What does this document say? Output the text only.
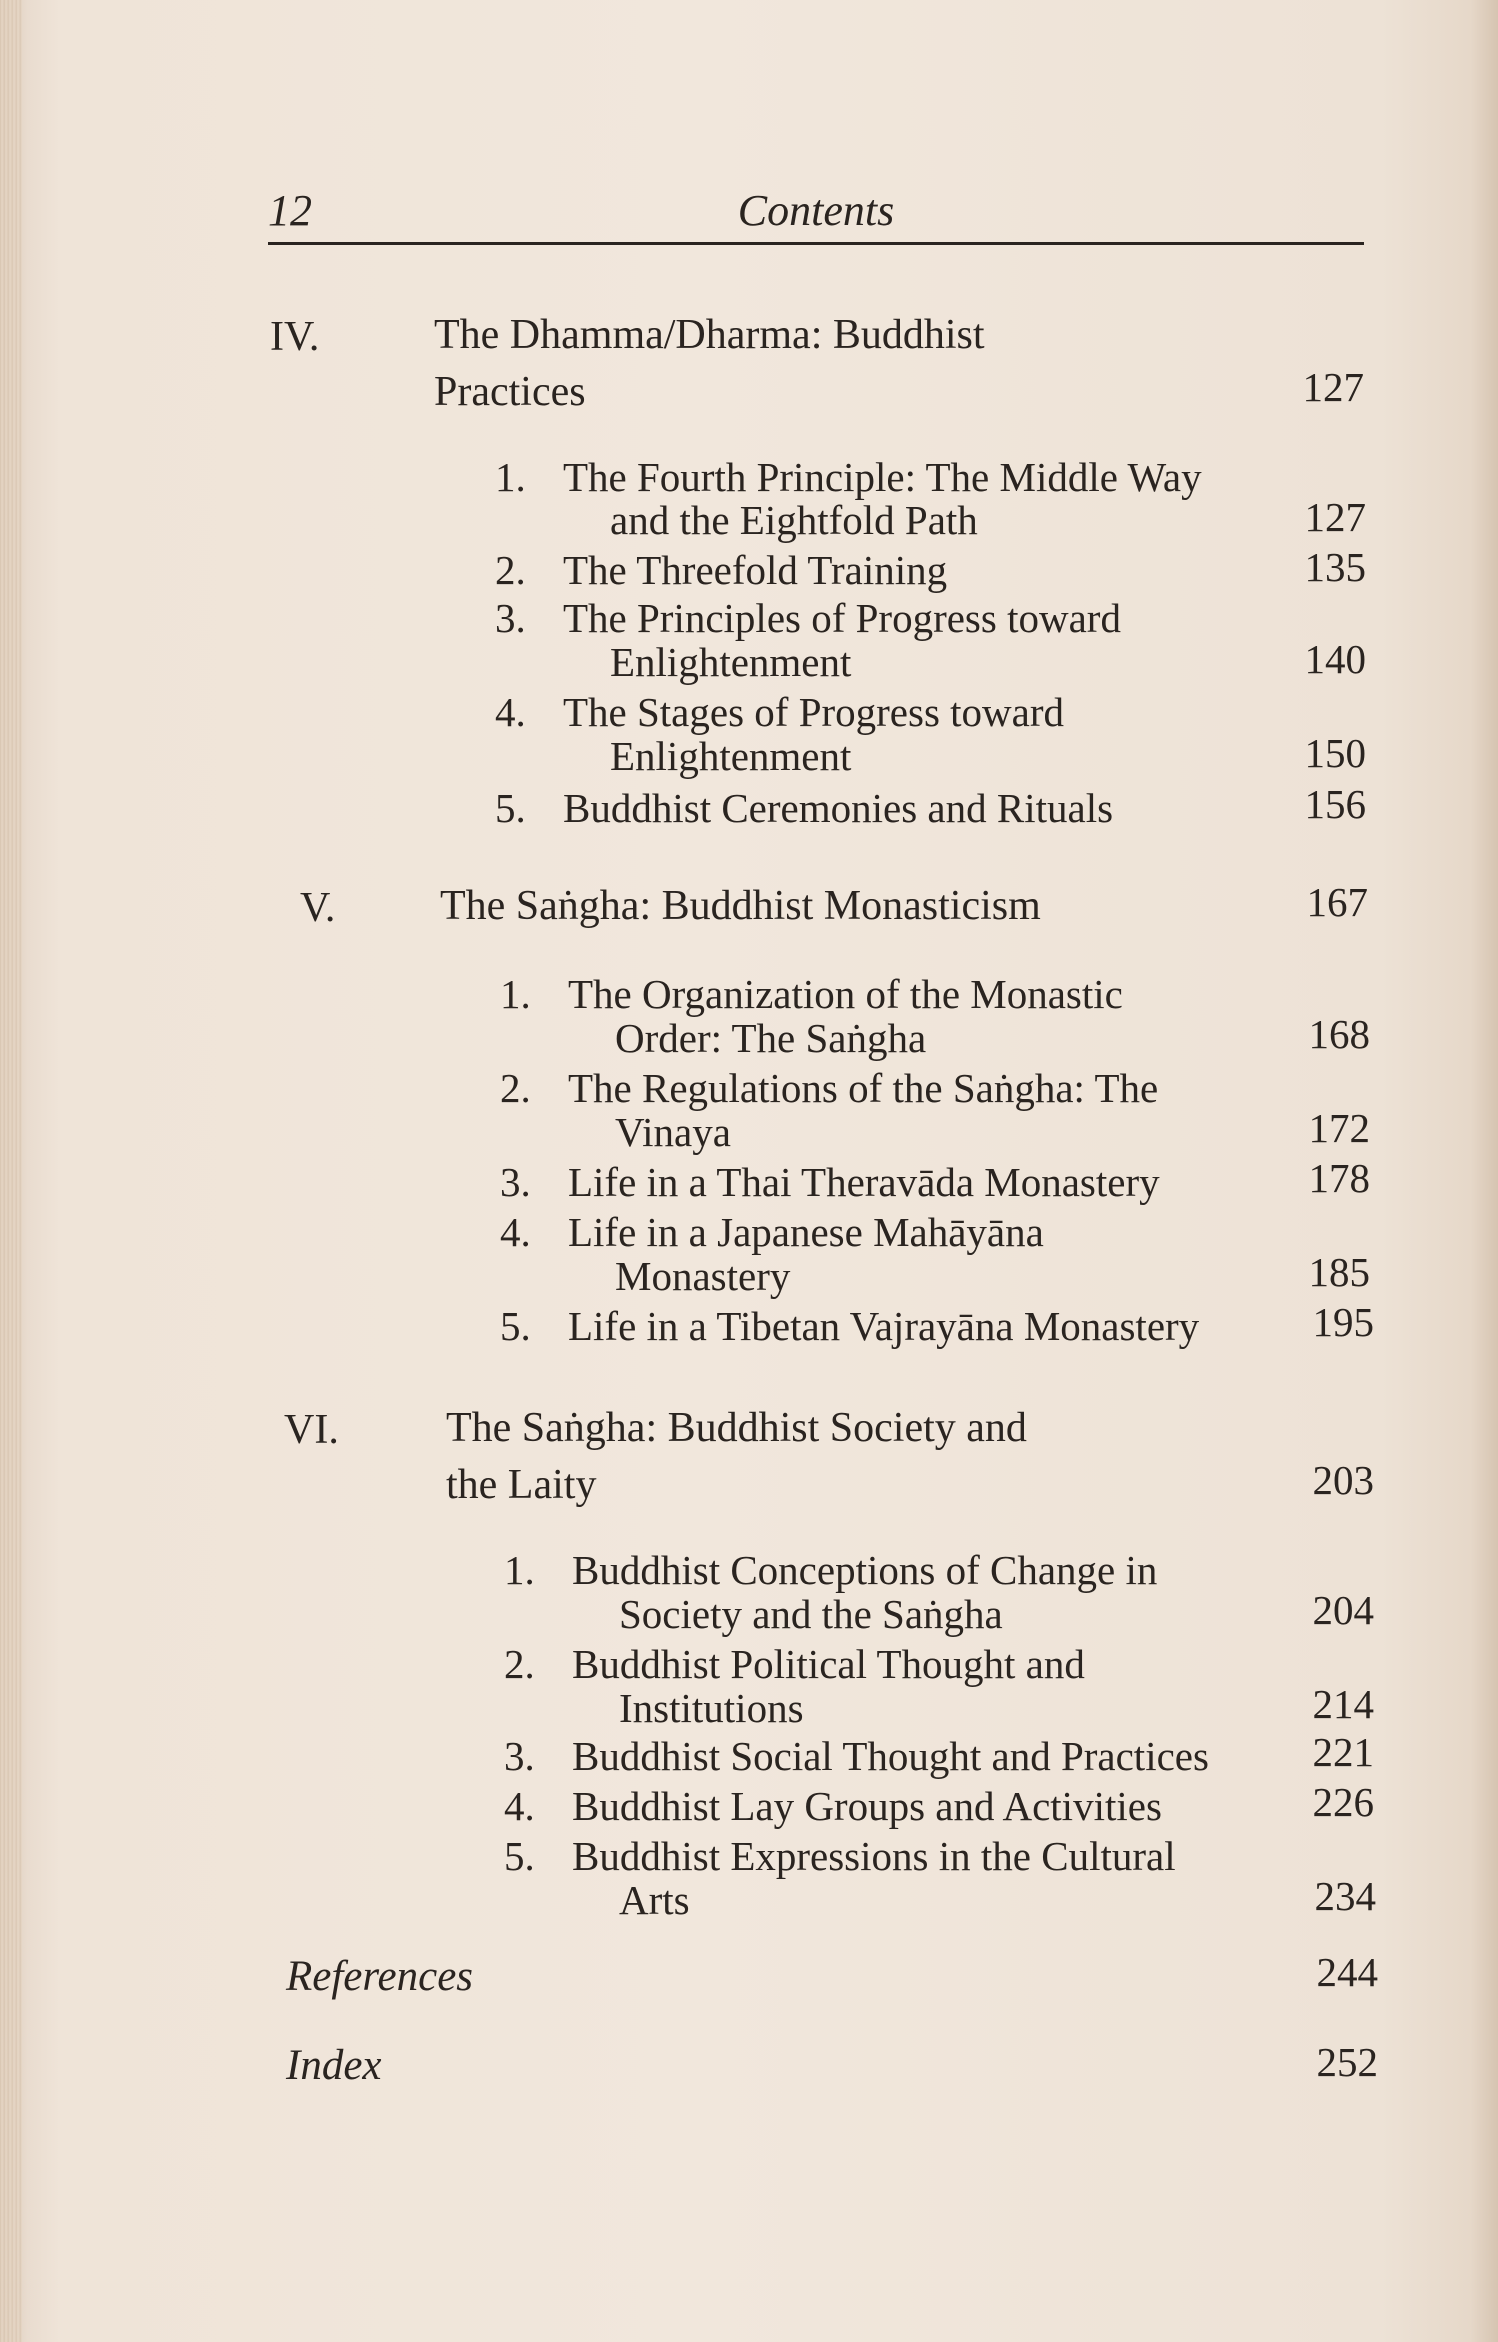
12	Contents
IV.	The Dhamma/Dharma: Buddhist
Practices	127
1. The Fourth Principle: The Middle Way
and the Eightfold Path	127
2. The Threefold Training	135
3. The Principles of Progress toward
Enlightenment	140
4. The Stages of Progress toward
Enlightenment	150
5. Buddhist Ceremonies and Rituals	156
V. The Saṅgha: Buddhist Monasticism	167
1. The Organization of the Monastic
Order: The Saṅgha	168
2. The Regulations of the Saṅgha: The
Vinaya	172
3. Life in a Thai Theravāda Monastery	178
4. Life in a Japanese Mahāyāna
Monastery	185
5. Life in a Tibetan Vajrayāna Monastery	195
VI.	The Saṅgha: Buddhist Society and
the Laity	203
1. Buddhist Conceptions of Change in
Society and the Saṅgha	204
2. Buddhist Political Thought and
Institutions	214
3. Buddhist Social Thought and Practices	221
4. Buddhist Lay Groups and Activities	226
5. Buddhist Expressions in the Cultural
Arts	234
References	244
Index	252
